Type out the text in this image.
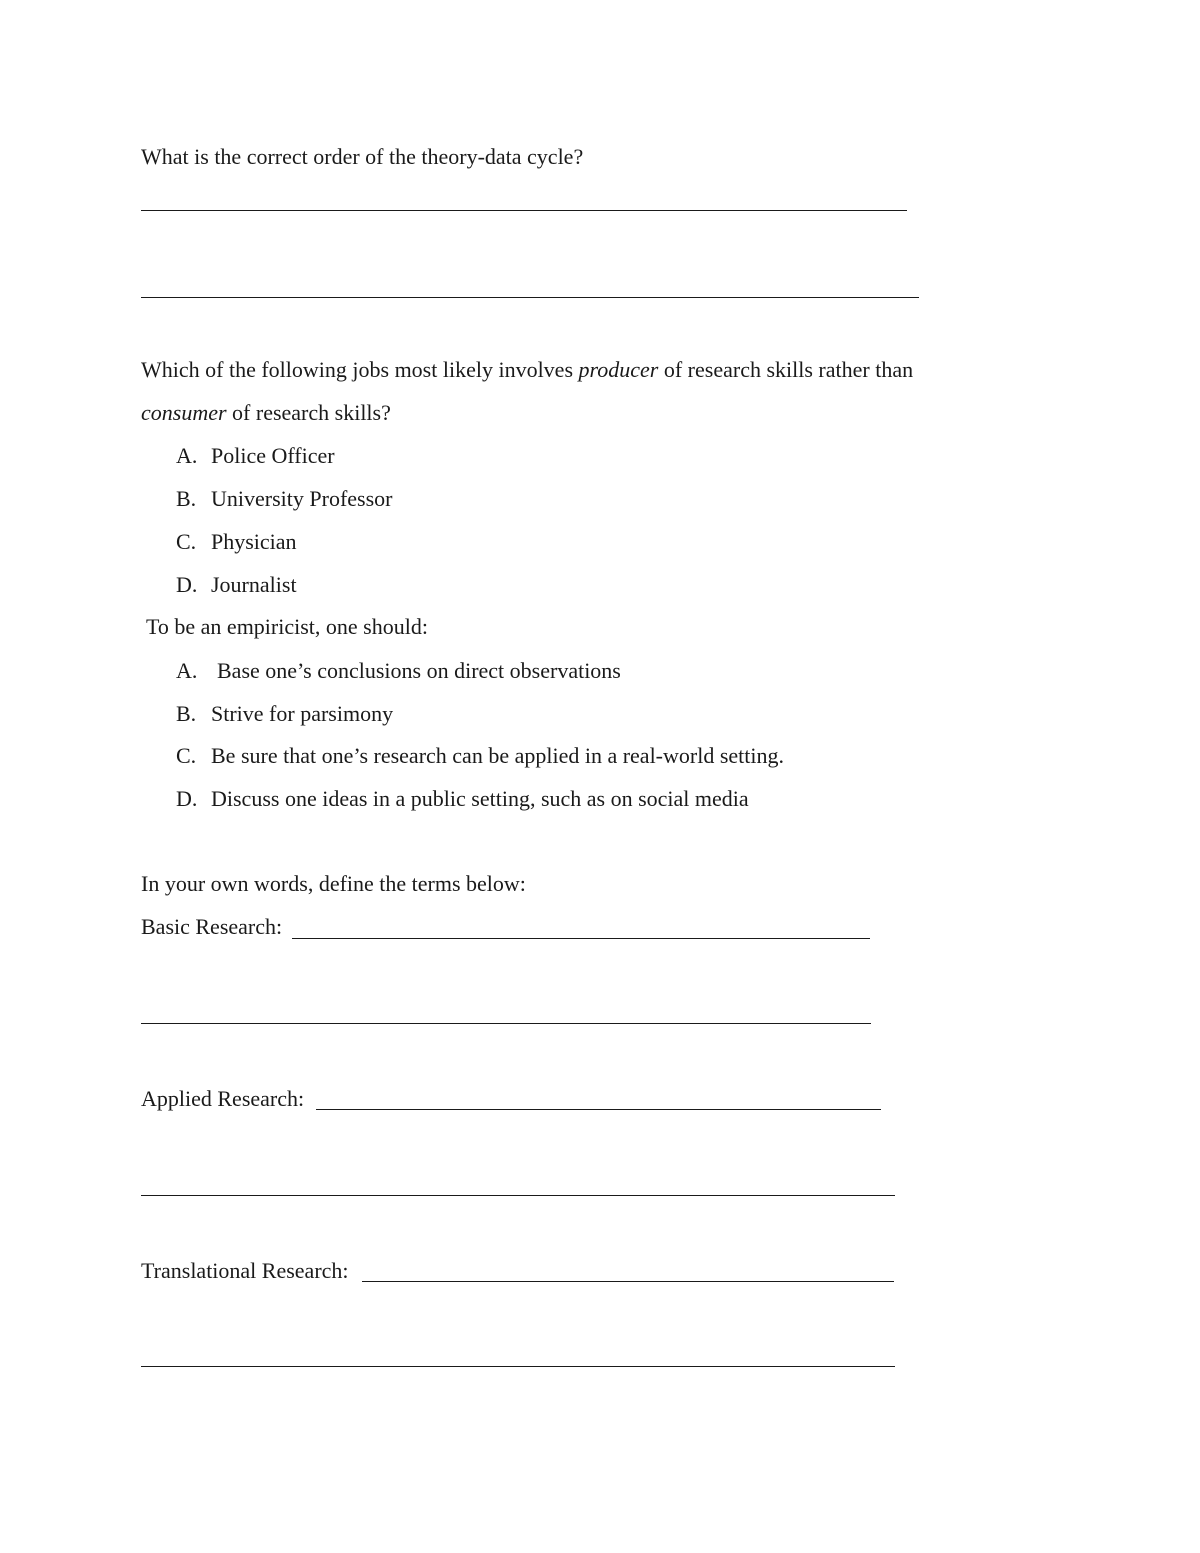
What is the correct order of the theory-data cycle?
Which of the following jobs most likely involves producer of research skills rather than
consumer of research skills?
A. Police Officer
B. University Professor
C. Physician
D. Journalist
To be an empiricist, one should:
A. Base one’s conclusions on direct observations
B. Strive for parsimony
C. Be sure that one’s research can be applied in a real-world setting.
D. Discuss one ideas in a public setting, such as on social media
In your own words, define the terms below:
Basic Research:
Applied Research:
Translational Research:
